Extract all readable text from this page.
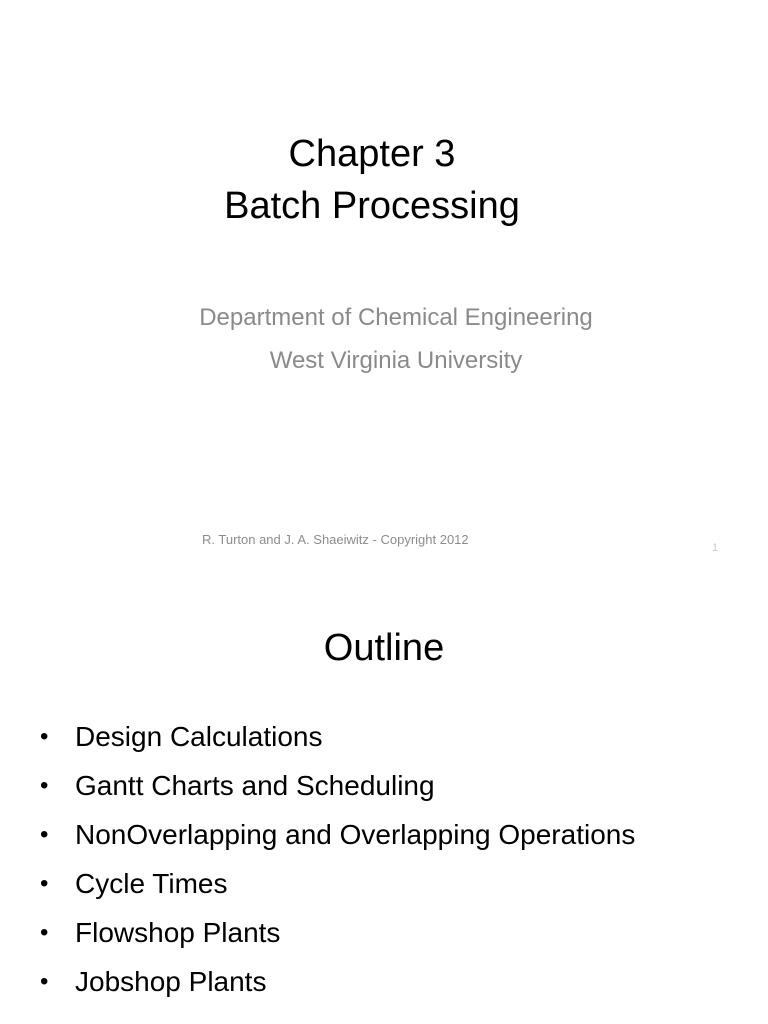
Chapter 3
Batch Processing
Department of Chemical Engineering
West Virginia University
R. Turton and J. A. Shaeiwitz - Copyright 2012
1
Outline
• Design Calculations
• Gantt Charts and Scheduling
• NonOverlapping and Overlapping Operations
• Cycle Times
• Flowshop Plants
• Jobshop Plants
